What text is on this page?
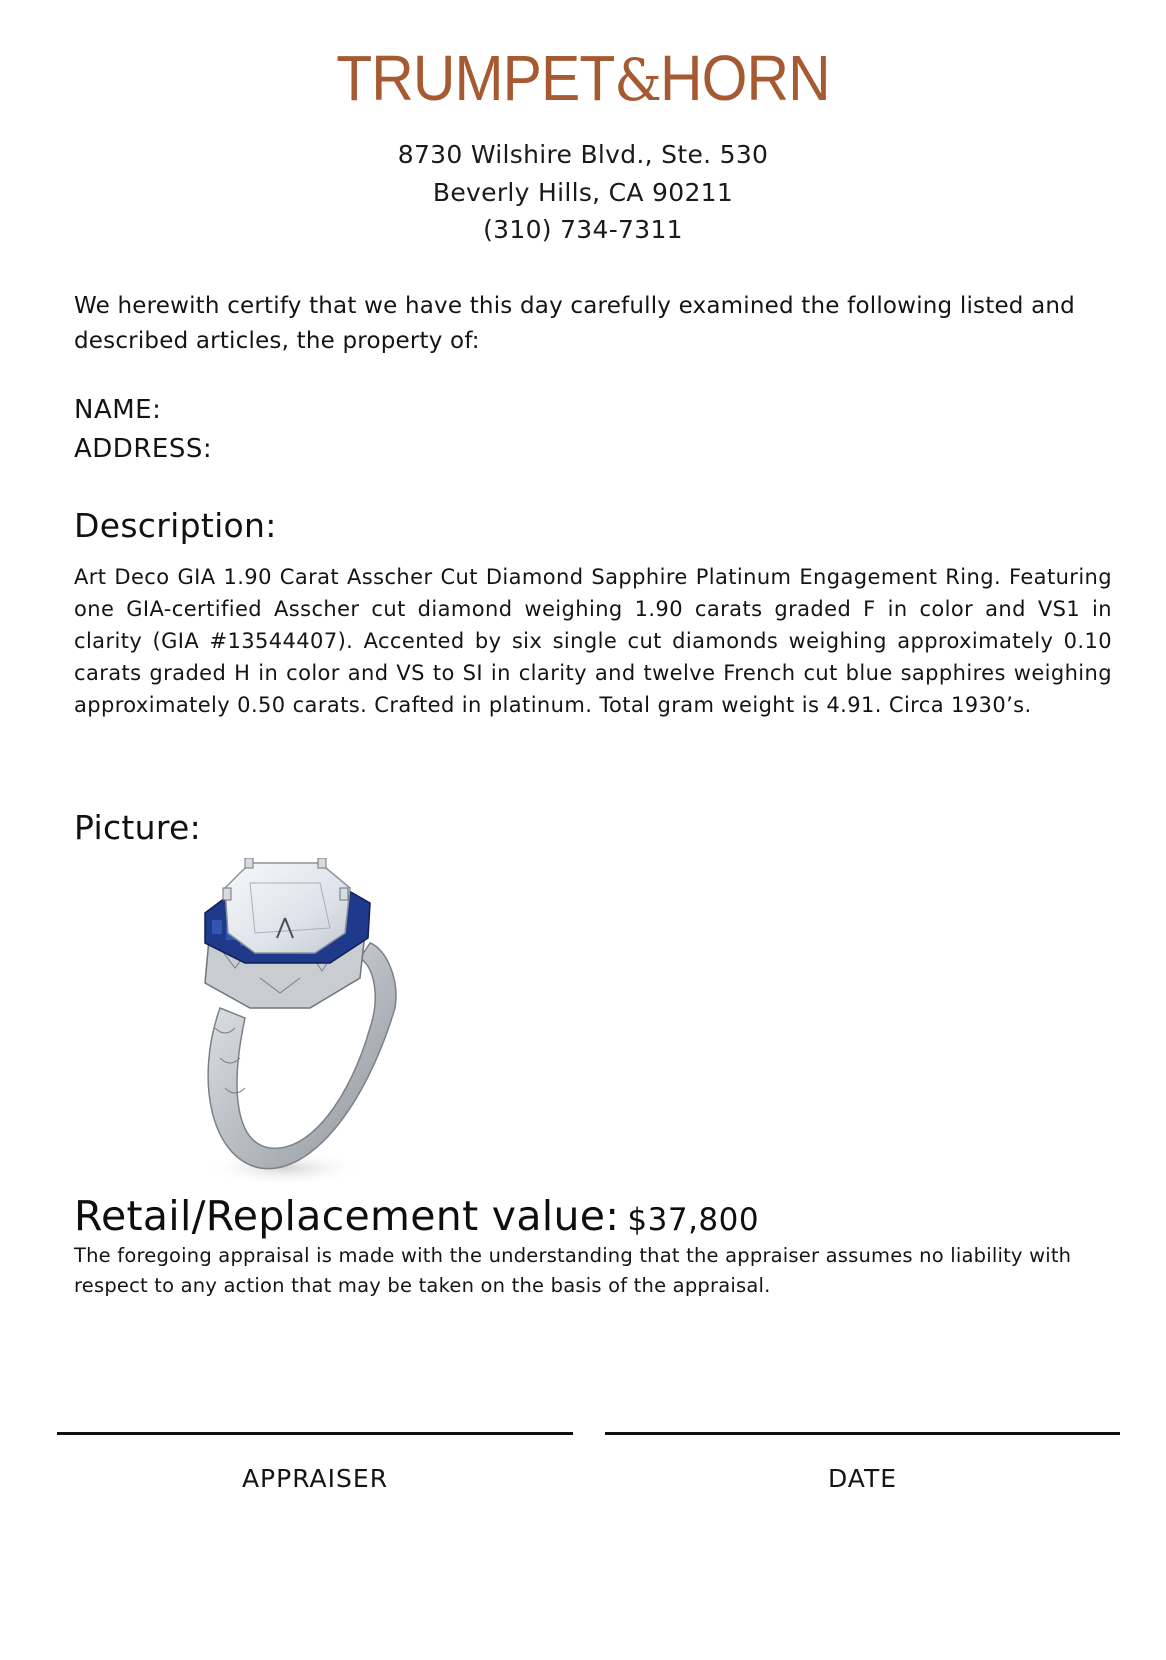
TRUMPET&HORN
8730 Wilshire Blvd., Ste. 530
Beverly Hills, CA 90211
(310) 734-7311
We herewith certify that we have this day carefully examined the following listed and described articles, the property of:
NAME:
ADDRESS:
Description:
Art Deco GIA 1.90 Carat Asscher Cut Diamond Sapphire Platinum Engagement Ring. Featuring one GIA-certified Asscher cut diamond weighing 1.90 carats graded F in color and VS1 in clarity (GIA #13544407). Accented by six single cut diamonds weighing approximately 0.10 carats graded H in color and VS to SI in clarity and twelve French cut blue sapphires weighing approximately 0.50 carats. Crafted in platinum. Total gram weight is 4.91. Circa 1930’s.
Picture:
Retail/Replacement value: $37,800
The foregoing appraisal is made with the understanding that the appraiser assumes no liability with respect to any action that may be taken on the basis of the appraisal.
APPRAISER	DATE
